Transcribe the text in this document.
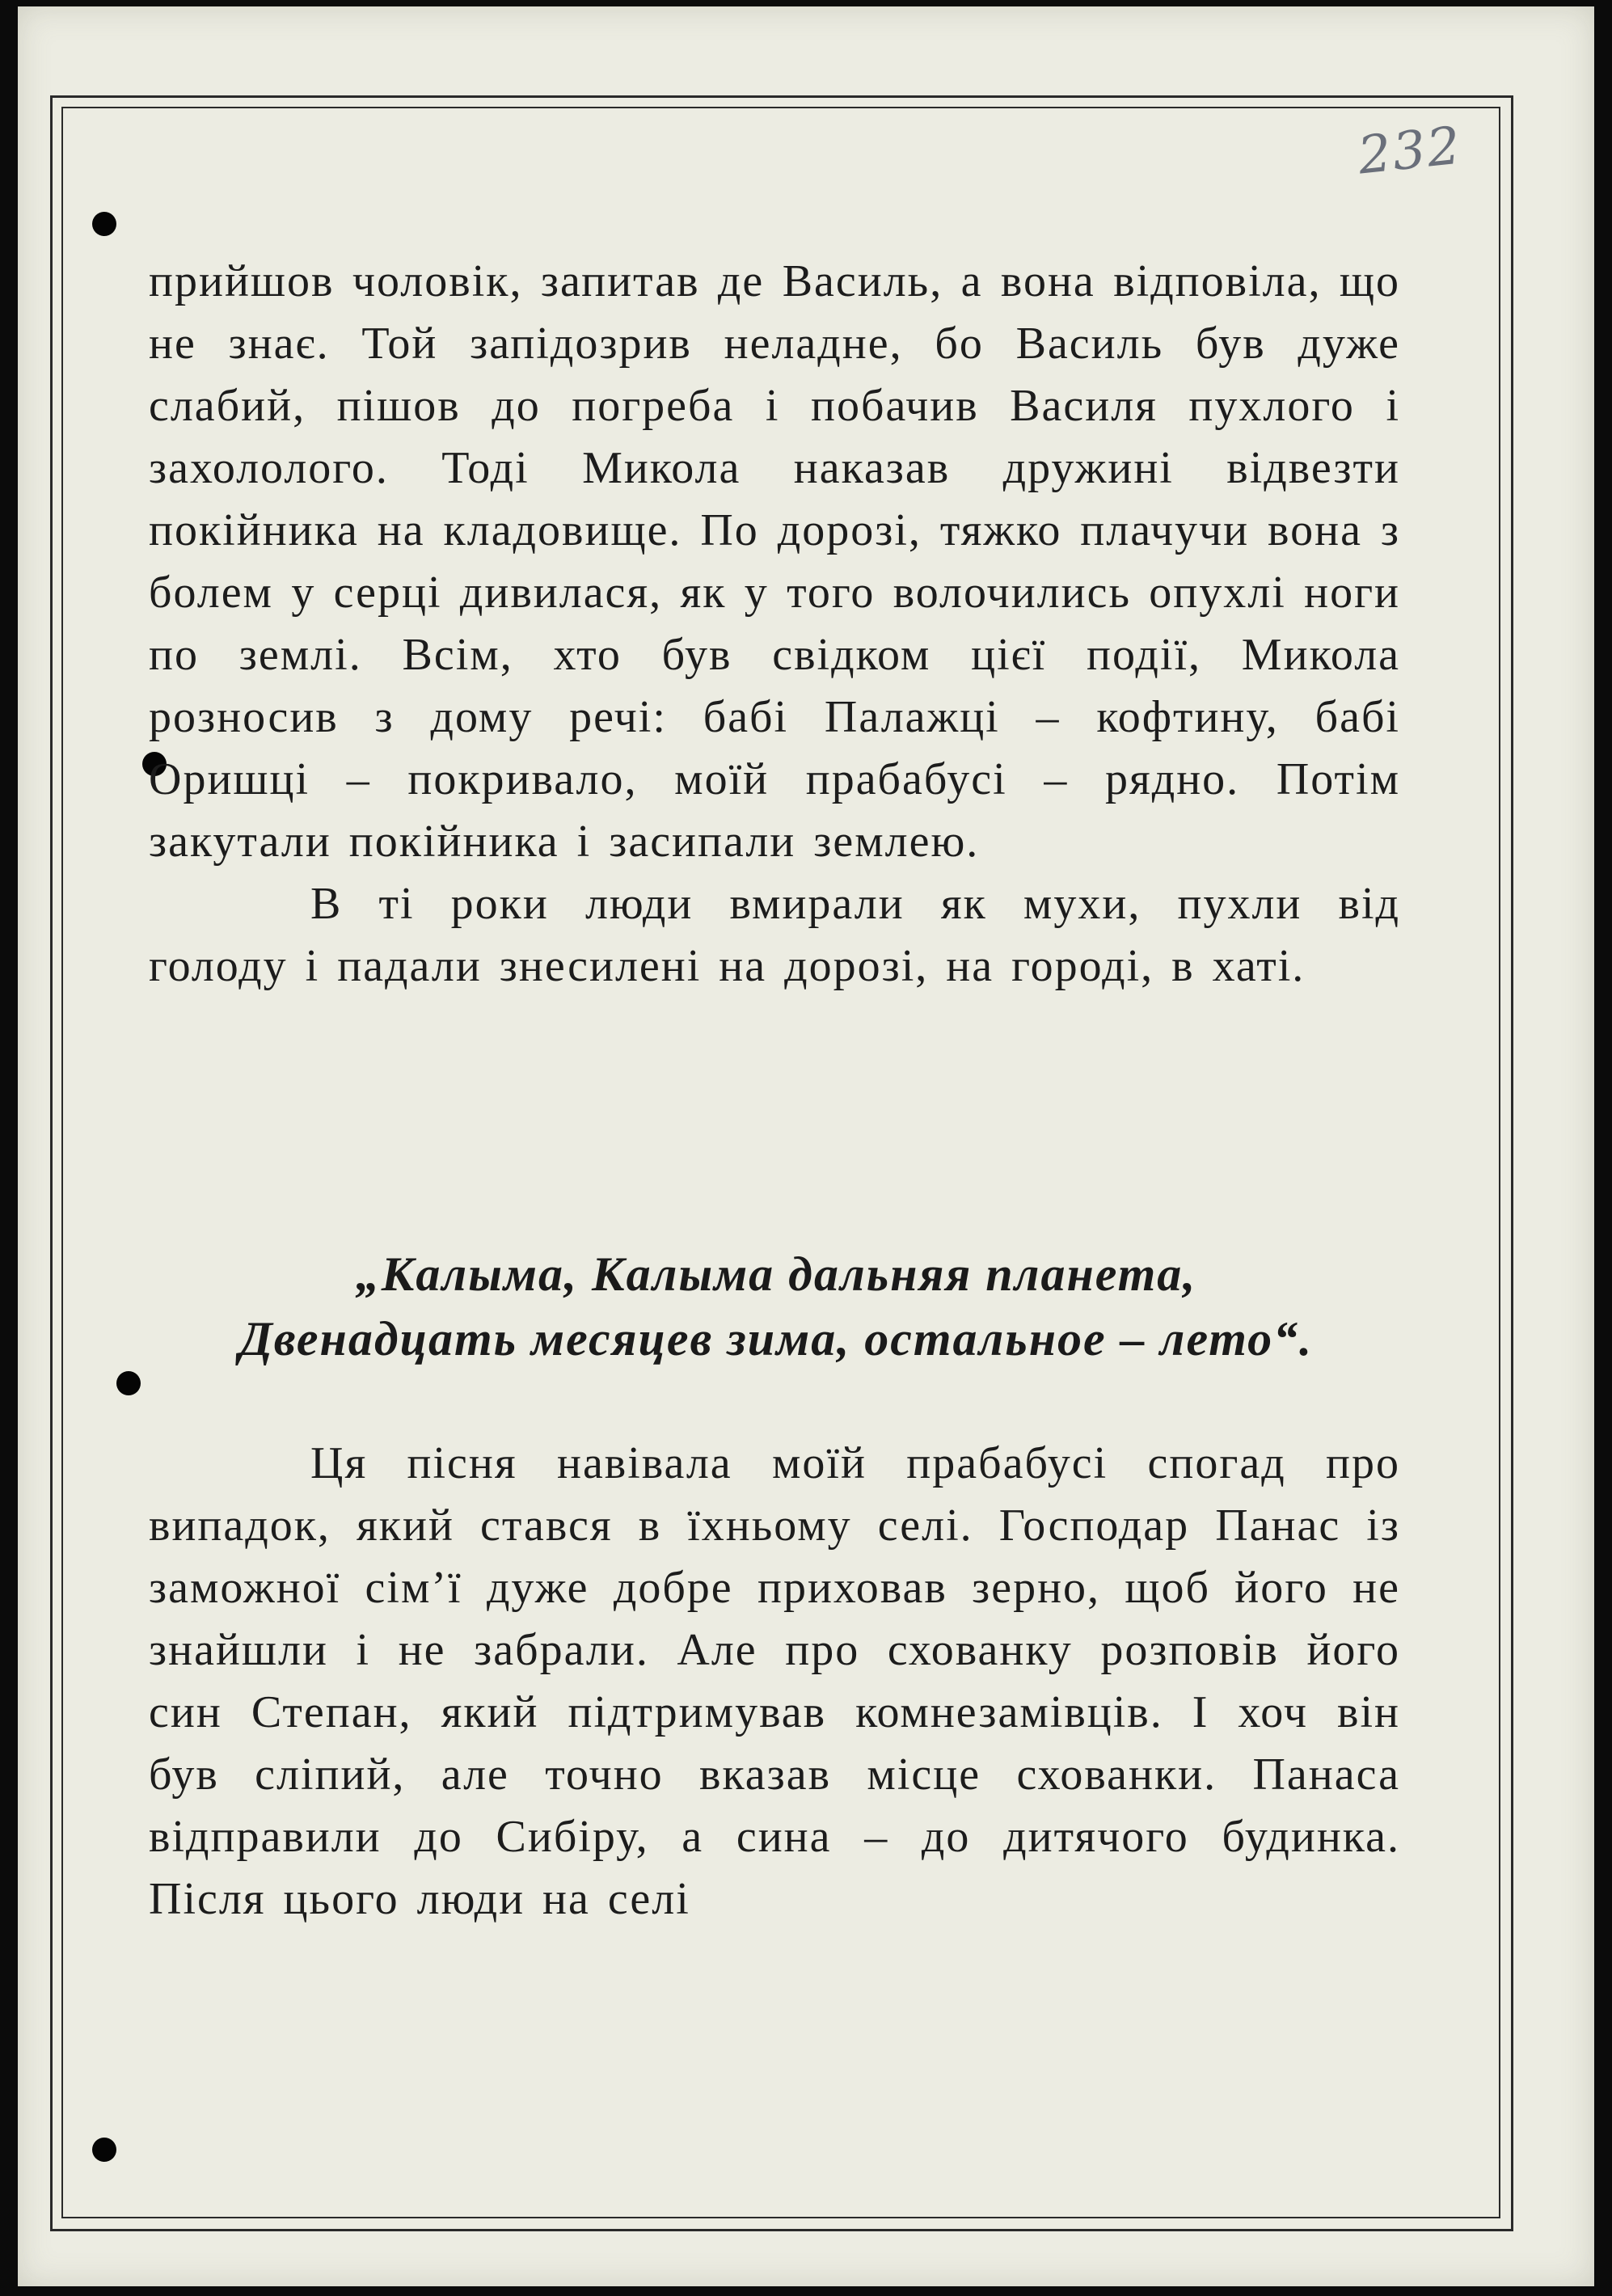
232

прийшов чоловік, запитав де Василь, а вона відповіла, що не знає. Той запідозрив неладне, бо Василь був дуже слабий, пішов до погреба і побачив Василя пухлого і захололого. Тоді Микола наказав дружині відвезти покійника на кладовище. По дорозі, тяжко плачучи вона з болем у серці дивилася, як у того волочились опухлі ноги по землі. Всім, хто був свідком цієї події, Микола розносив з дому речі: бабі Палажці – кофтину, бабі Оришці – покривало, моїй прабабусі – рядно. Потім закутали покійника і засипали землею.

В ті роки люди вмирали як мухи, пухли від голоду і падали знесилені на дорозі, на городі, в хаті.

„Калыма, Калыма дальняя планета,

Двенадцать месяцев зима, остальное – лето“.

Ця пісня навівала моїй прабабусі спогад про випадок, який стався в їхньому селі. Господар Панас із заможної сім’ї дуже добре приховав зерно, щоб його не знайшли і не забрали. Але про схованку розповів його син Степан, який підтримував комнезамівців. І хоч він був сліпий, але точно вказав місце схованки. Панаса відправили до Сибіру, а сина – до дитячого будинка. Після цього люди на селі
